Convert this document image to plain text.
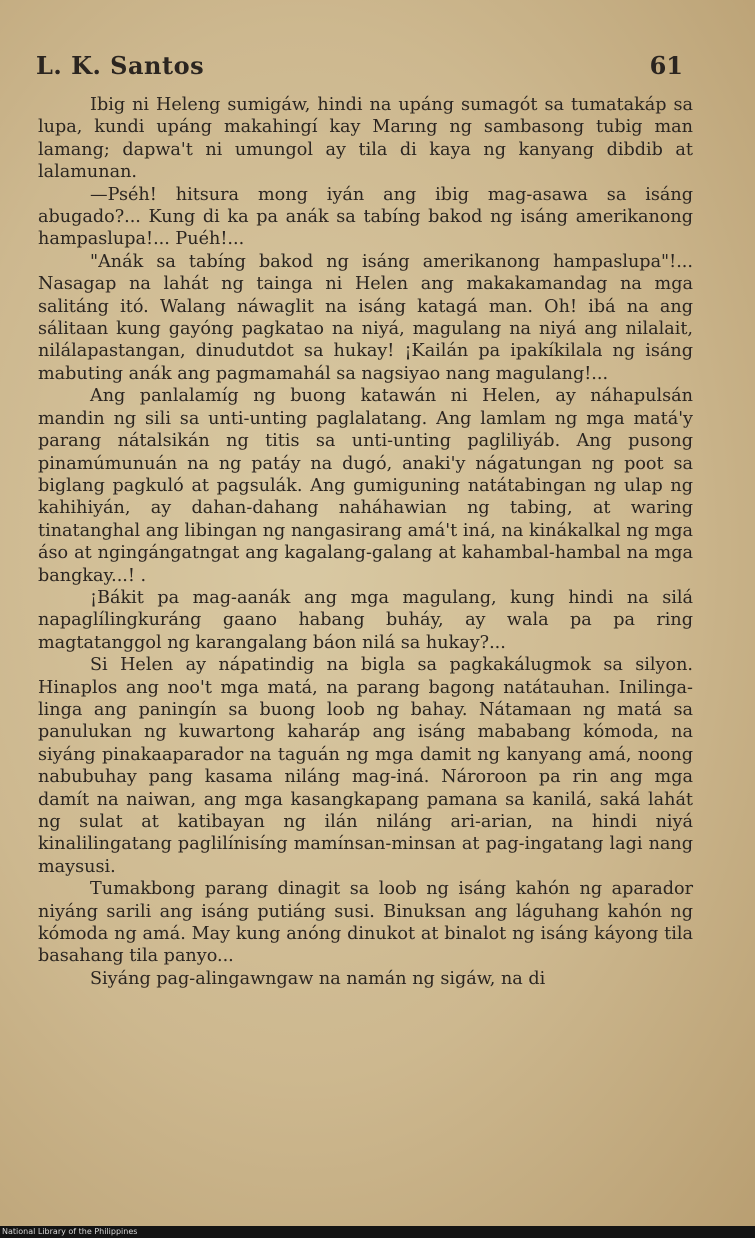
L. K. Santos	61

Ibig ni Heleng sumigáw, hindi na upáng sumagót sa tumatakáp sa lupa, kundi upáng makahingí kay Marıng ng sambasong tubig man lamang; dapwa't ni umungol ay tila di kaya ng kanyang dibdib at lalamunan.

—Pséh! hitsura mong iyán ang ibig mag-asawa sa isáng abugado?... Kung di ka pa anák sa tabíng bakod ng isáng amerikanong hampaslupa!... Puéh!...

"Anák sa tabíng bakod ng isáng amerikanong hampaslupa"!... Nasagap na lahát ng tainga ni Helen ang makakamandag na mga salitáng itó. Walang náwaglit na isáng katagá man. Oh! ibá na ang sálitaan kung gayóng pagkatao na niyá, magulang na niyá ang nilalait, nilálapastangan, dinudutdot sa hukay! ¡Kailán pa ipakíkilala ng isáng mabuting anák ang pagmamahál sa nagsiyao nang magulang!...

Ang panlalamíg ng buong katawán ni Helen, ay náhapulsán mandin ng sili sa unti-unting paglalatang. Ang lamlam ng mga matá'y parang nátalsikán ng titis sa unti-unting pagliliyáb. Ang pusong pinamúmunuán na ng patáy na dugó, anaki'y nágatungan ng poot sa biglang pagkuló at pagsulák. Ang gumiguning natátabingan ng ulap ng kahihiyán, ay dahan-dahang naháhawian ng tabing, at waring tinatanghal ang libingan ng nangasirang amá't iná, na kinákalkal ng mga áso at ngingángatngat ang kagalang-galang at kahambal-hambal na mga bangkay...! .

¡Bákit pa mag-aanák ang mga magulang, kung hindi na silá napaglílingkuráng gaano habang buháy, ay wala pa pa ring magtatanggol ng karangalang báon nilá sa hukay?...

Si Helen ay nápatindig na bigla sa pagkakálugmok sa silyon. Hinaplos ang noo't mga matá, na parang bagong natátauhan. Inilinga-linga ang paningín sa buong loob ng bahay. Nátamaan ng matá sa panulukan ng kuwartong kaharáp ang isáng mababang kómoda, na siyáng pinakaaparador na taguán ng mga damit ng kanyang amá, noong nabubuhay pang kasama niláng mag-iná. Nároroon pa rin ang mga damít na naiwan, ang mga kasangkapang pamana sa kanilá, saká lahát ng sulat at katibayan ng ilán niláng ari-arian, na hindi niyá kinalilingatang paglilínisíng mamínsan-minsan at pag-ingatang lagi nang maysusi.

Tumakbong parang dinagit sa loob ng isáng kahón ng aparador niyáng sarili ang isáng putiáng susi. Binuksan ang láguhang kahón ng kómoda ng amá. May kung anóng dinukot at binalot ng isáng káyong tila basahang tila panyo...

Siyáng pag-alingawngaw na namán ng sigáw, na di

National Library of the Philippines
